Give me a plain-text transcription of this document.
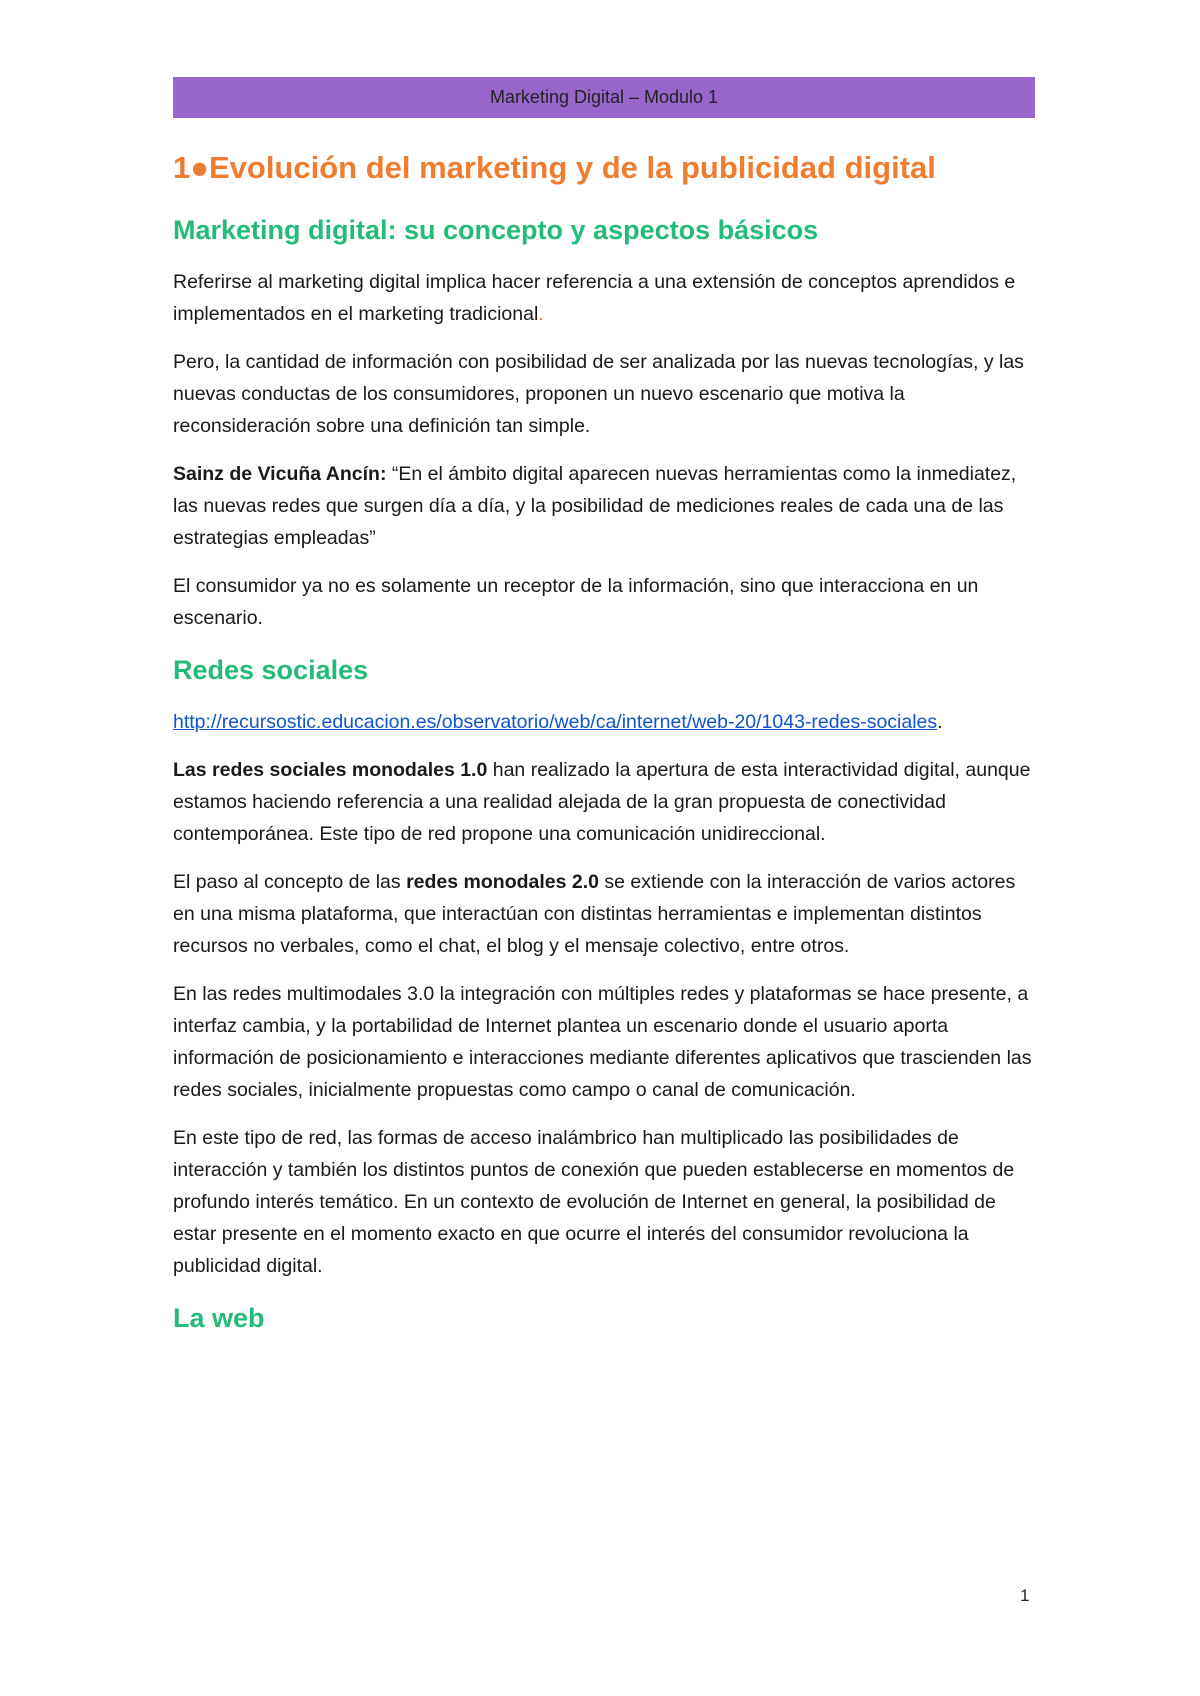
Marketing Digital – Modulo 1
1●Evolución del marketing y de la publicidad digital
Marketing digital: su concepto y aspectos básicos

Referirse al marketing digital implica hacer referencia a una extensión de conceptos aprendidos e implementados en el marketing tradicional.

Pero, la cantidad de información con posibilidad de ser analizada por las nuevas tecnologías, y las nuevas conductas de los consumidores, proponen un nuevo escenario que motiva la reconsideración sobre una definición tan simple.

Sainz de Vicuña Ancín: “En el ámbito digital aparecen nuevas herramientas como la inmediatez, las nuevas redes que surgen día a día, y la posibilidad de mediciones reales de cada una de las estrategias empleadas”

El consumidor ya no es solamente un receptor de la información, sino que interacciona en un escenario.

Redes sociales

http://recursostic.educacion.es/observatorio/web/ca/internet/web-20/1043-redes-sociales.

Las redes sociales monodales 1.0 han realizado la apertura de esta interactividad digital, aunque estamos haciendo referencia a una realidad alejada de la gran propuesta de conectividad contemporánea. Este tipo de red propone una comunicación unidireccional.

El paso al concepto de las redes monodales 2.0 se extiende con la interacción de varios actores en una misma plataforma, que interactúan con distintas herramientas e implementan distintos recursos no verbales, como el chat, el blog y el mensaje colectivo, entre otros.

En las redes multimodales 3.0 la integración con múltiples redes y plataformas se hace presente, a interfaz cambia, y la portabilidad de Internet plantea un escenario donde el usuario aporta información de posicionamiento e interacciones mediante diferentes aplicativos que trascienden las redes sociales, inicialmente propuestas como campo o canal de comunicación.

En este tipo de red, las formas de acceso inalámbrico han multiplicado las posibilidades de interacción y también los distintos puntos de conexión que pueden establecerse en momentos de profundo interés temático. En un contexto de evolución de Internet en general, la posibilidad de estar presente en el momento exacto en que ocurre el interés del consumidor revoluciona la publicidad digital.

La web
1
